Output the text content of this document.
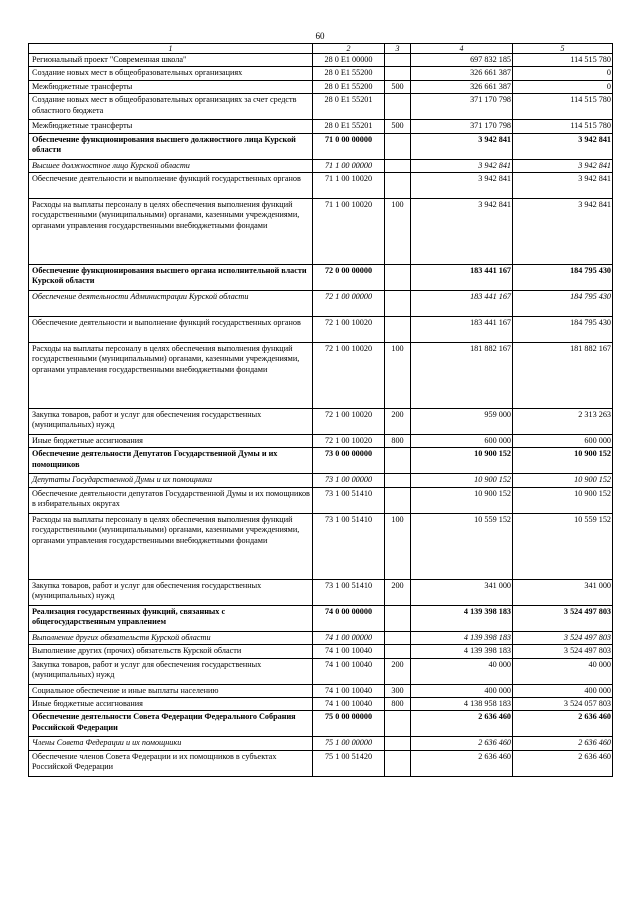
60
1	2	3	4	5
Региональный проект "Современная школа"	28 0 E1 00000		697 832 185	114 515 780
Создание новых мест в общеобразовательных организациях	28 0 E1 55200		326 661 387	0
Межбюджетные трансферты	28 0 E1 55200	500	326 661 387	0
Создание новых мест в общеобразовательных организациях за счет средств областного бюджета	28 0 E1 55201		371 170 798	114 515 780
Межбюджетные трансферты	28 0 E1 55201	500	371 170 798	114 515 780
Обеспечение функционирования высшего должностного лица Курской области	71 0 00 00000		3 942 841	3 942 841
Высшее должностное лицо Курской области	71 1 00 00000		3 942 841	3 942 841
Обеспечение деятельности и выполнение функций государственных органов	71 1 00 10020		3 942 841	3 942 841
Расходы на выплаты персоналу в целях обеспечения выполнения функций государственными (муниципальными) органами, казенными учреждениями, органами управления государственными внебюджетными фондами	71 1 00 10020	100	3 942 841	3 942 841
Обеспечение функционирования высшего органа исполнительной власти Курской области	72 0 00 00000		183 441 167	184 795 430
Обеспечение деятельности Администрации Курской области	72 1 00 00000		183 441 167	184 795 430
Обеспечение деятельности и выполнение функций государственных органов	72 1 00 10020		183 441 167	184 795 430
Расходы на выплаты персоналу в целях обеспечения выполнения функций государственными (муниципальными) органами, казенными учреждениями, органами управления государственными внебюджетными фондами	72 1 00 10020	100	181 882 167	181 882 167
Закупка товаров, работ и услуг для обеспечения государственных (муниципальных) нужд	72 1 00 10020	200	959 000	2 313 263
Иные бюджетные ассигнования	72 1 00 10020	800	600 000	600 000
Обеспечение деятельности Депутатов Государственной Думы и их помощников	73 0 00 00000		10 900 152	10 900 152
Депутаты Государственной Думы и их помощники	73 1 00 00000		10 900 152	10 900 152
Обеспечение деятельности депутатов Государственной Думы и их помощников в избирательных округах	73 1 00 51410		10 900 152	10 900 152
Расходы на выплаты персоналу в целях обеспечения выполнения функций государственными (муниципальными) органами, казенными учреждениями, органами управления государственными внебюджетными фондами	73 1 00 51410	100	10 559 152	10 559 152
Закупка товаров, работ и услуг для обеспечения государственных (муниципальных) нужд	73 1 00 51410	200	341 000	341 000
Реализация государственных функций, связанных с общегосударственным управлением	74 0 00 00000		4 139 398 183	3 524 497 803
Выполнение других обязательств Курской области	74 1 00 00000		4 139 398 183	3 524 497 803
Выполнение других (прочих) обязательств Курской области	74 1 00 10040		4 139 398 183	3 524 497 803
Закупка товаров, работ и услуг для обеспечения государственных (муниципальных) нужд	74 1 00 10040	200	40 000	40 000
Социальное обеспечение и иные выплаты населению	74 1 00 10040	300	400 000	400 000
Иные бюджетные ассигнования	74 1 00 10040	800	4 138 958 183	3 524 057 803
Обеспечение деятельности Совета Федерации Федерального Собрания Российской Федерации	75 0 00 00000		2 636 460	2 636 460
Члены Совета Федерации и их помощники	75 1 00 00000		2 636 460	2 636 460
Обеспечение членов Совета Федерации и их помощников в субъектах Российской Федерации	75 1 00 51420		2 636 460	2 636 460
